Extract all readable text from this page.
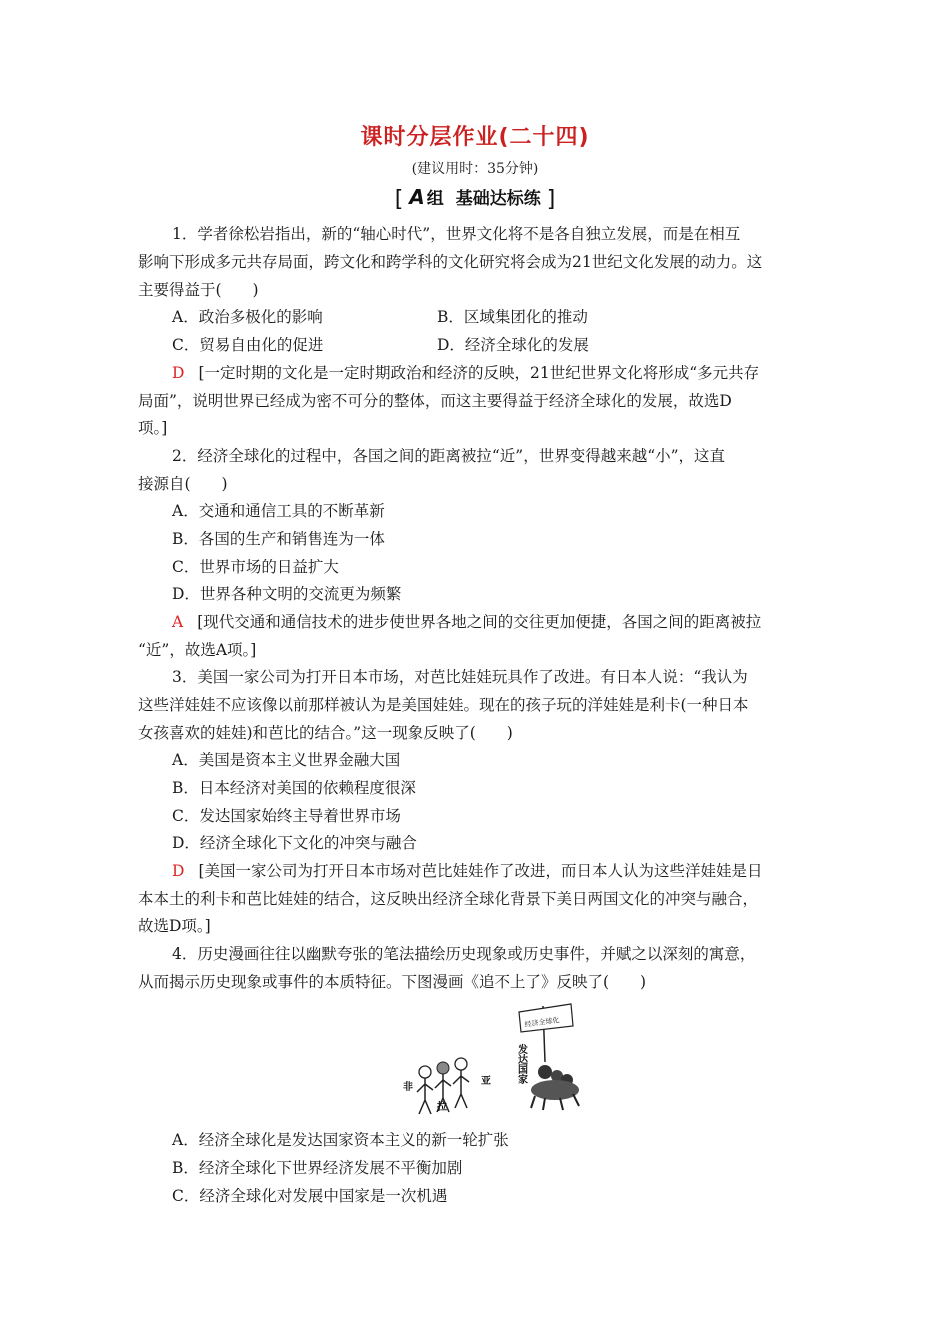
课时分层作业(二十四)
(建议用时：35分钟)
[ A 组 基础达标练 ]
1．学者徐松岩指出，新的“轴心时代”，世界文化将不是各自独立发展，而是在相互
影响下形成多元共存局面，跨文化和跨学科的文化研究将会成为21世纪文化发展的动力。这
主要得益于(　　)
A．政治多极化的影响	B．区域集团化的推动
C．贸易自由化的促进	D．经济全球化的发展
D [一定时期的文化是一定时期政治和经济的反映，21世纪世界文化将形成“多元共存
局面”，说明世界已经成为密不可分的整体，而这主要得益于经济全球化的发展，故选D
项。]
2．经济全球化的过程中，各国之间的距离被拉“近”，世界变得越来越“小”，这直
接源自(　　)
A．交通和通信工具的不断革新
B．各国的生产和销售连为一体
C．世界市场的日益扩大
D．世界各种文明的交流更为频繁
A [现代交通和通信技术的进步使世界各地之间的交往更加便捷，各国之间的距离被拉
“近”，故选A项。]
3．美国一家公司为打开日本市场，对芭比娃娃玩具作了改进。有日本人说：“我认为
这些洋娃娃不应该像以前那样被认为是美国娃娃。现在的孩子玩的洋娃娃是利卡(一种日本
女孩喜欢的娃娃)和芭比的结合。”这一现象反映了(　　)
A．美国是资本主义世界金融大国
B．日本经济对美国的依赖程度很深
C．发达国家始终主导着世界市场
D．经济全球化下文化的冲突与融合
D [美国一家公司为打开日本市场对芭比娃娃作了改进，而日本人认为这些洋娃娃是日
本本土的利卡和芭比娃娃的结合，这反映出经济全球化背景下美日两国文化的冲突与融合，
故选D项。]
4．历史漫画往往以幽默夸张的笔法描绘历史现象或历史事件，并赋之以深刻的寓意，
从而揭示历史现象或事件的本质特征。下图漫画《追不上了》反映了(　　)
经济全球化
发达国家
非
拉
亚
A．经济全球化是发达国家资本主义的新一轮扩张
B．经济全球化下世界经济发展不平衡加剧
C．经济全球化对发展中国家是一次机遇
